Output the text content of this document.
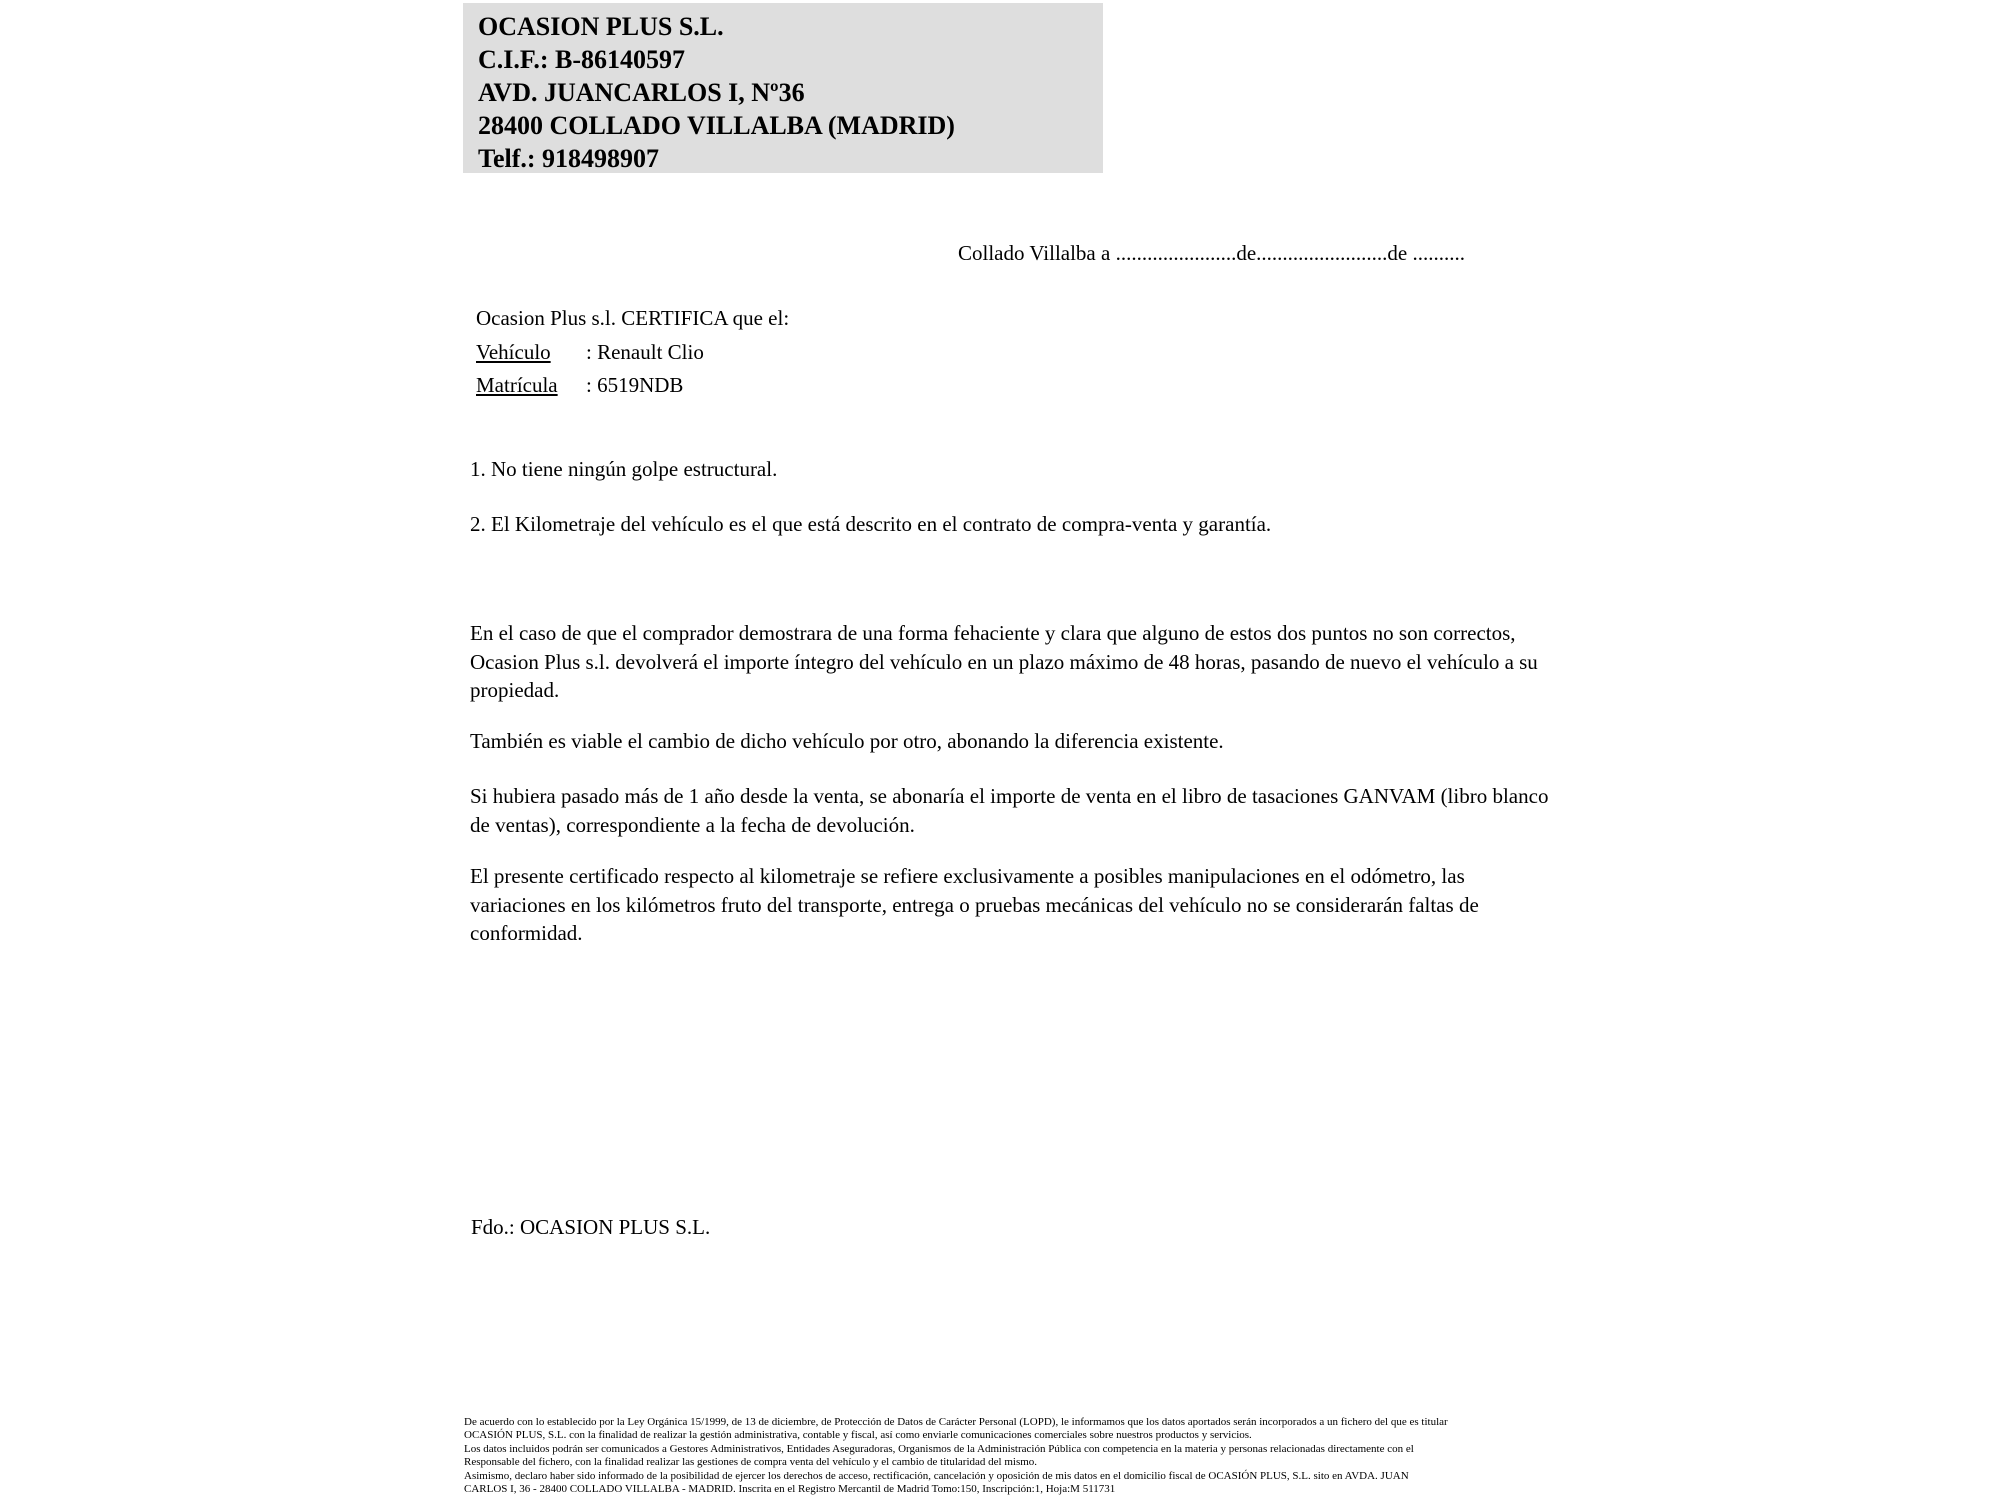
OCASION PLUS S.L.
C.I.F.: B-86140597
AVD. JUANCARLOS I, Nº36
28400 COLLADO VILLALBA (MADRID)
Telf.: 918498907
Collado Villalba a .......................de.........................de ..........
Ocasion Plus s.l. CERTIFICA que el:
Vehículo : Renault Clio
Matrícula : 6519NDB
1. No tiene ningún golpe estructural.
2. El Kilometraje del vehículo es el que está descrito en el contrato de compra-venta y garantía.
En el caso de que el comprador demostrara de una forma fehaciente y clara que alguno de estos dos puntos no son correctos, Ocasion Plus s.l. devolverá el importe íntegro del vehículo en un plazo máximo de 48 horas, pasando de nuevo el vehículo a su propiedad.
También es viable el cambio de dicho vehículo por otro, abonando la diferencia existente.
Si hubiera pasado más de 1 año desde la venta, se abonaría el importe de venta en el libro de tasaciones GANVAM (libro blanco de ventas), correspondiente a la fecha de devolución.
El presente certificado respecto al kilometraje se refiere exclusivamente a posibles manipulaciones en el odómetro, las variaciones en los kilómetros fruto del transporte, entrega o pruebas mecánicas del vehículo no se considerarán faltas de conformidad.
Fdo.: OCASION PLUS S.L.
De acuerdo con lo establecido por la Ley Orgánica 15/1999, de 13 de diciembre, de Protección de Datos de Carácter Personal (LOPD), le informamos que los datos aportados serán incorporados a un fichero del que es titular
OCASIÓN PLUS, S.L. con la finalidad de realizar la gestión administrativa, contable y fiscal, así como enviarle comunicaciones comerciales sobre nuestros productos y servicios.
Los datos incluidos podrán ser comunicados a Gestores Administrativos, Entidades Aseguradoras, Organismos de la Administración Pública con competencia en la materia y personas relacionadas directamente con el
Responsable del fichero, con la finalidad realizar las gestiones de compra venta del vehículo y el cambio de titularidad del mismo.
Asimismo, declaro haber sido informado de la posibilidad de ejercer los derechos de acceso, rectificación, cancelación y oposición de mis datos en el domicilio fiscal de OCASIÓN PLUS, S.L. sito en AVDA. JUAN
CARLOS I, 36 - 28400 COLLADO VILLALBA - MADRID. Inscrita en el Registro Mercantil de Madrid Tomo:150, Inscripción:1, Hoja:M 511731
